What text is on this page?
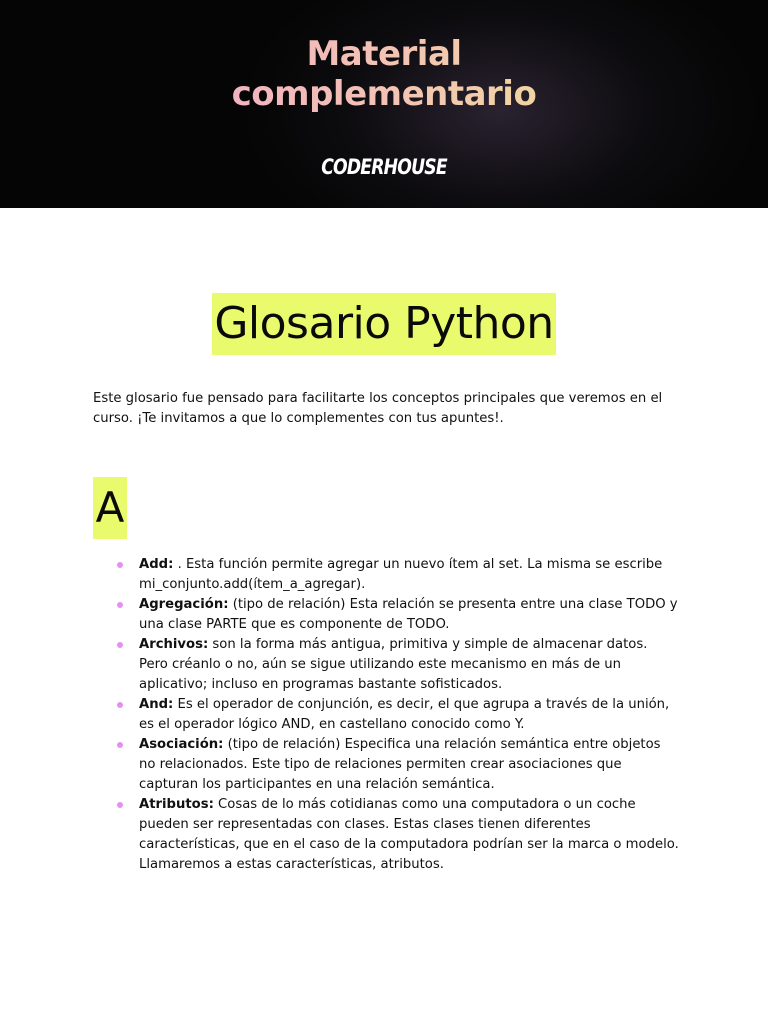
Material
complementario
CODERHOUSE
Glosario Python

Este glosario fue pensado para facilitarte los conceptos principales que veremos en el curso. ¡Te invitamos a que lo complementes con tus apuntes!.

A
Add: . Esta función permite agregar un nuevo ítem al set. La misma se escribe mi_conjunto.add(ítem_a_agregar).
Agregación: (tipo de relación) Esta relación se presenta entre una clase TODO y una clase PARTE que es componente de TODO.
Archivos: son la forma más antigua, primitiva y simple de almacenar datos. Pero créanlo o no, aún se sigue utilizando este mecanismo en más de un aplicativo; incluso en programas bastante sofisticados.
And: Es el operador de conjunción, es decir, el que agrupa a través de la unión, es el operador lógico AND, en castellano conocido como Y.
Asociación: (tipo de relación) Especifica una relación semántica entre objetos no relacionados. Este tipo de relaciones permiten crear asociaciones que capturan los participantes en una relación semántica.
Atributos: Cosas de lo más cotidianas como una computadora o un coche pueden ser representadas con clases. Estas clases tienen diferentes características, que en el caso de la computadora podrían ser la marca o modelo. Llamaremos a estas características, atributos.
